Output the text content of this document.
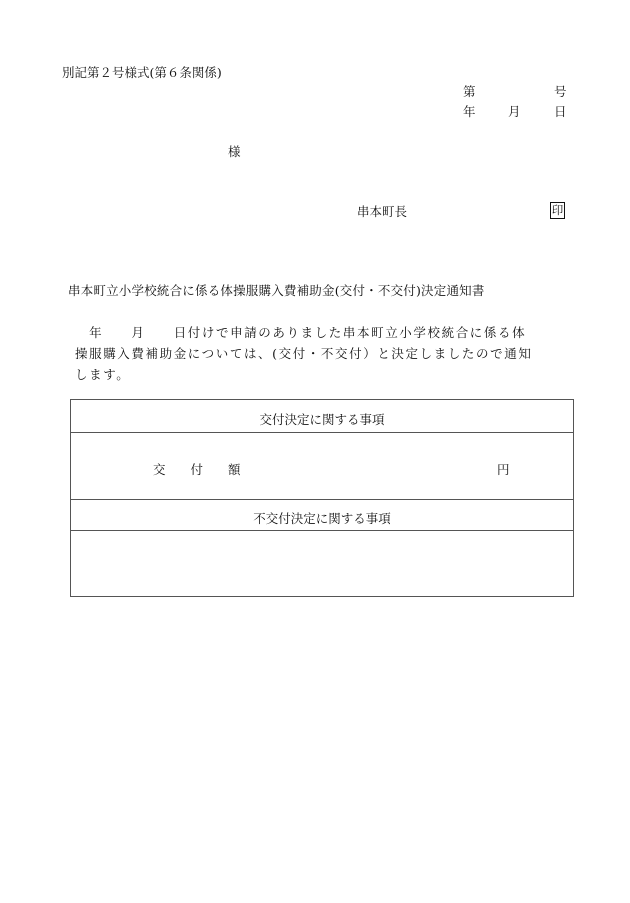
別記第２号様式(第６条関係)
第	号
年	月	日
様
串本町長	印
串本町立小学校統合に係る体操服購入費補助金(交付・不交付)決定通知書
　年　　月　　日付けで申請のありました串本町立小学校統合に係る体
操服購入費補助金については、(交付・不交付）と決定しましたので通知
します。
交付決定に関する事項
交　　付　　額	円
不交付決定に関する事項
